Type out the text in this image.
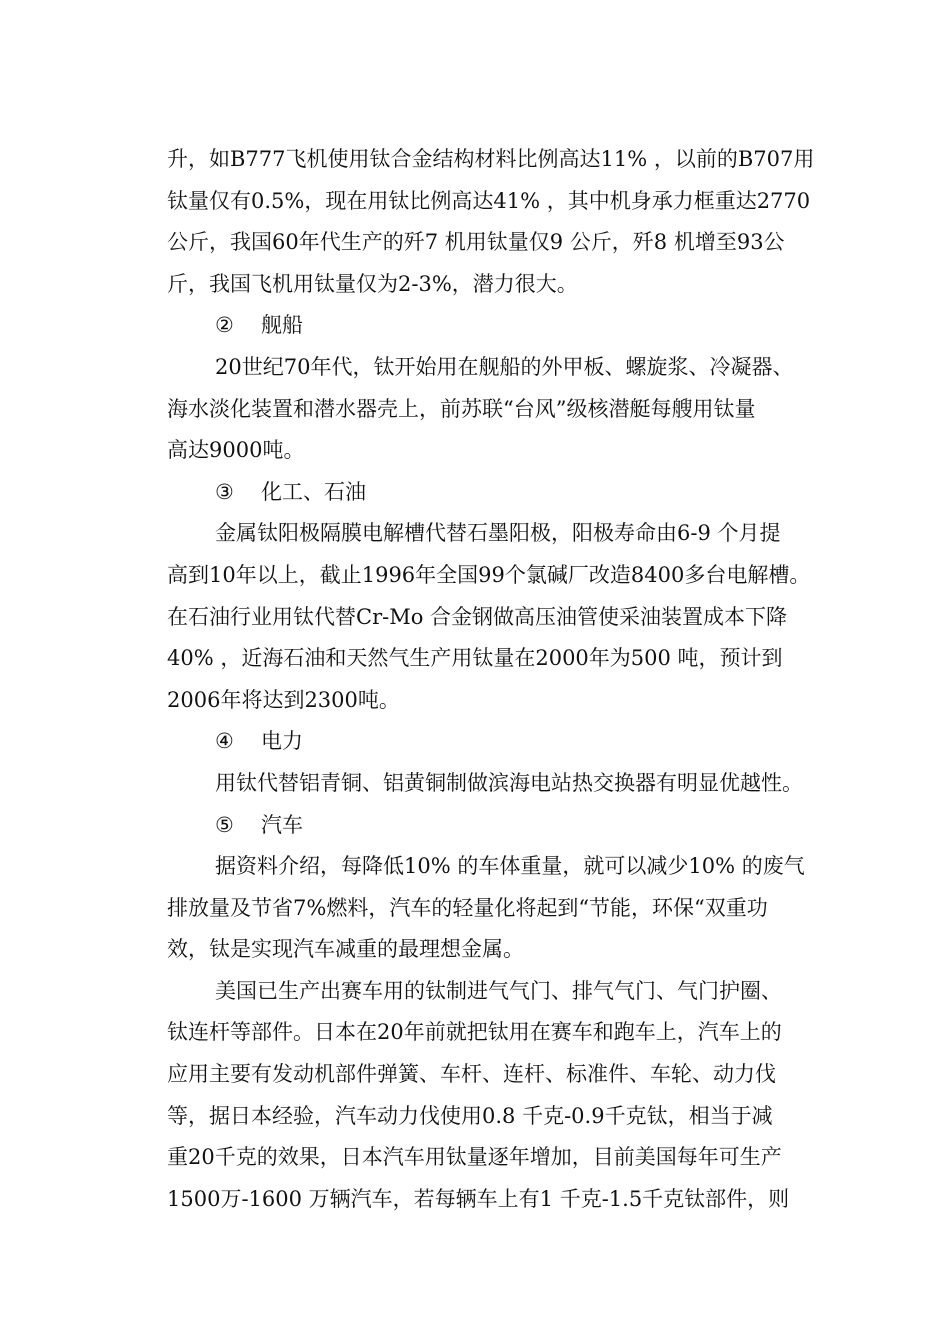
升，如B777飞机使用钛合金结构材料比例高达11% ，以前的B707用
钛量仅有0.5%，现在用钛比例高达41% ，其中机身承力框重达2770
公斤，我国60年代生产的歼7 机用钛量仅9 公斤，歼8 机增至93公
斤，我国飞机用钛量仅为2-3%，潜力很大。
② 舰船
20世纪70年代，钛开始用在舰船的外甲板、螺旋浆、冷凝器、
海水淡化装置和潜水器壳上，前苏联“台风”级核潜艇每艘用钛量
高达9000吨。
③ 化工、石油
金属钛阳极隔膜电解槽代替石墨阳极，阳极寿命由6-9 个月提
高到10年以上，截止1996年全国99个氯碱厂改造8400多台电解槽。
在石油行业用钛代替Cr-Mo 合金钢做高压油管使采油装置成本下降
40% ，近海石油和天然气生产用钛量在2000年为500 吨，预计到
2006年将达到2300吨。
④ 电力
用钛代替铝青铜、铝黄铜制做滨海电站热交换器有明显优越性。
⑤ 汽车
据资料介绍，每降低10% 的车体重量，就可以减少10% 的废气
排放量及节省7%燃料，汽车的轻量化将起到“节能，环保“双重功
效，钛是实现汽车减重的最理想金属。
美国已生产出赛车用的钛制进气气门、排气气门、气门护圈、
钛连杆等部件。日本在20年前就把钛用在赛车和跑车上，汽车上的
应用主要有发动机部件弹簧、车杆、连杆、标准件、车轮、动力伐
等，据日本经验，汽车动力伐使用0.8 千克-0.9千克钛，相当于减
重20千克的效果，日本汽车用钛量逐年增加，目前美国每年可生产
1500万-1600 万辆汽车，若每辆车上有1 千克-1.5千克钛部件，则
